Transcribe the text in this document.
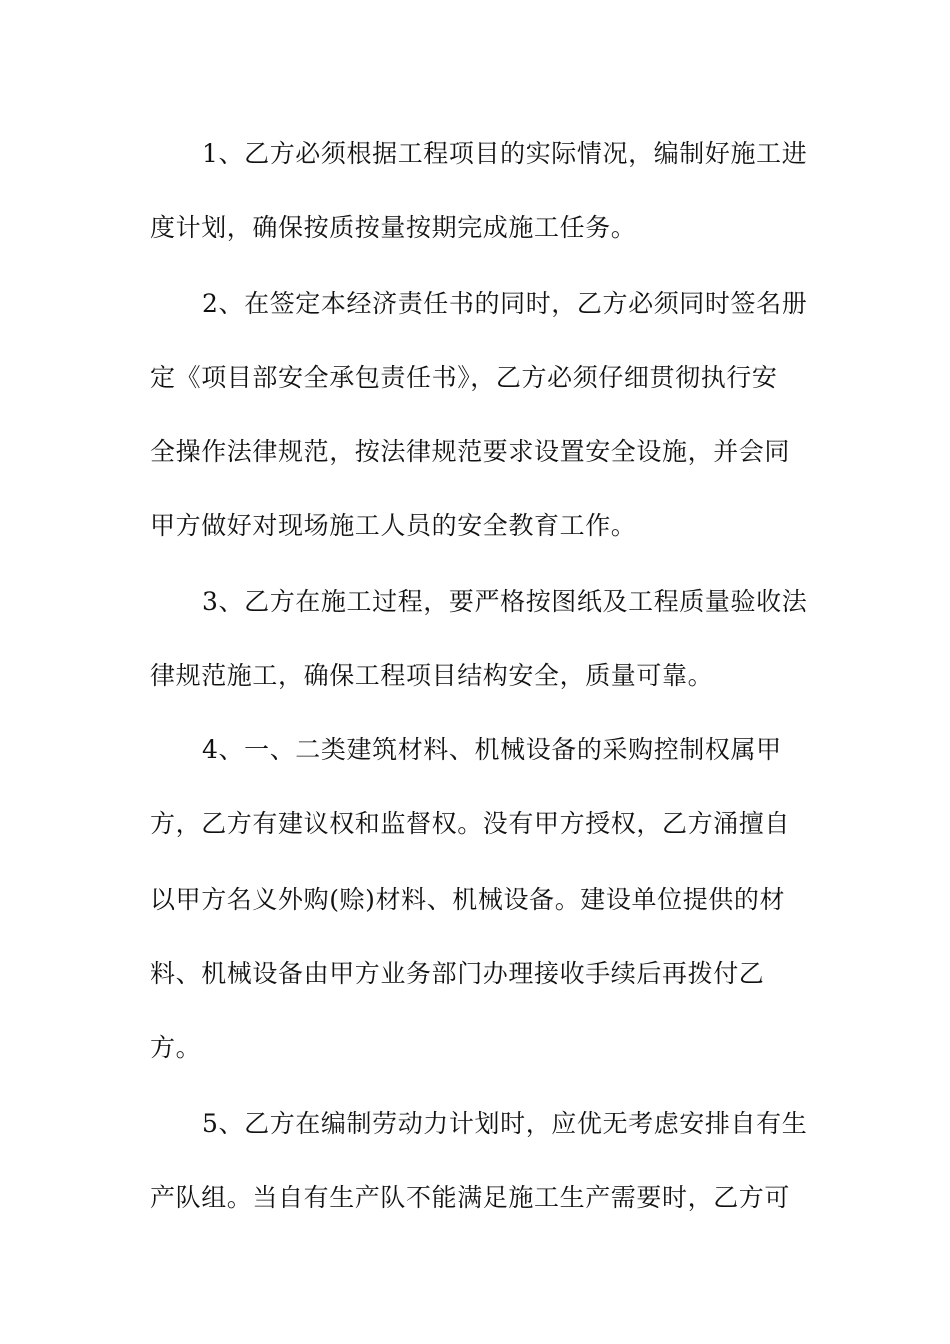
1、乙方必须根据工程项目的实际情况，编制好施工进
度计划，确保按质按量按期完成施工任务。
2、在签定本经济责任书的同时，乙方必须同时签名册
定《项目部安全承包责任书》，乙方必须仔细贯彻执行安
全操作法律规范，按法律规范要求设置安全设施，并会同
甲方做好对现场施工人员的安全教育工作。
3、乙方在施工过程，要严格按图纸及工程质量验收法
律规范施工，确保工程项目结构安全，质量可靠。
4、一、二类建筑材料、机械设备的采购控制权属甲
方，乙方有建议权和监督权。没有甲方授权，乙方涌擅自
以甲方名义外购(赊)材料、机械设备。建设单位提供的材
料、机械设备由甲方业务部门办理接收手续后再拨付乙
方。
5、乙方在编制劳动力计划时，应优无考虑安排自有生
产队组。当自有生产队不能满足施工生产需要时，乙方可
